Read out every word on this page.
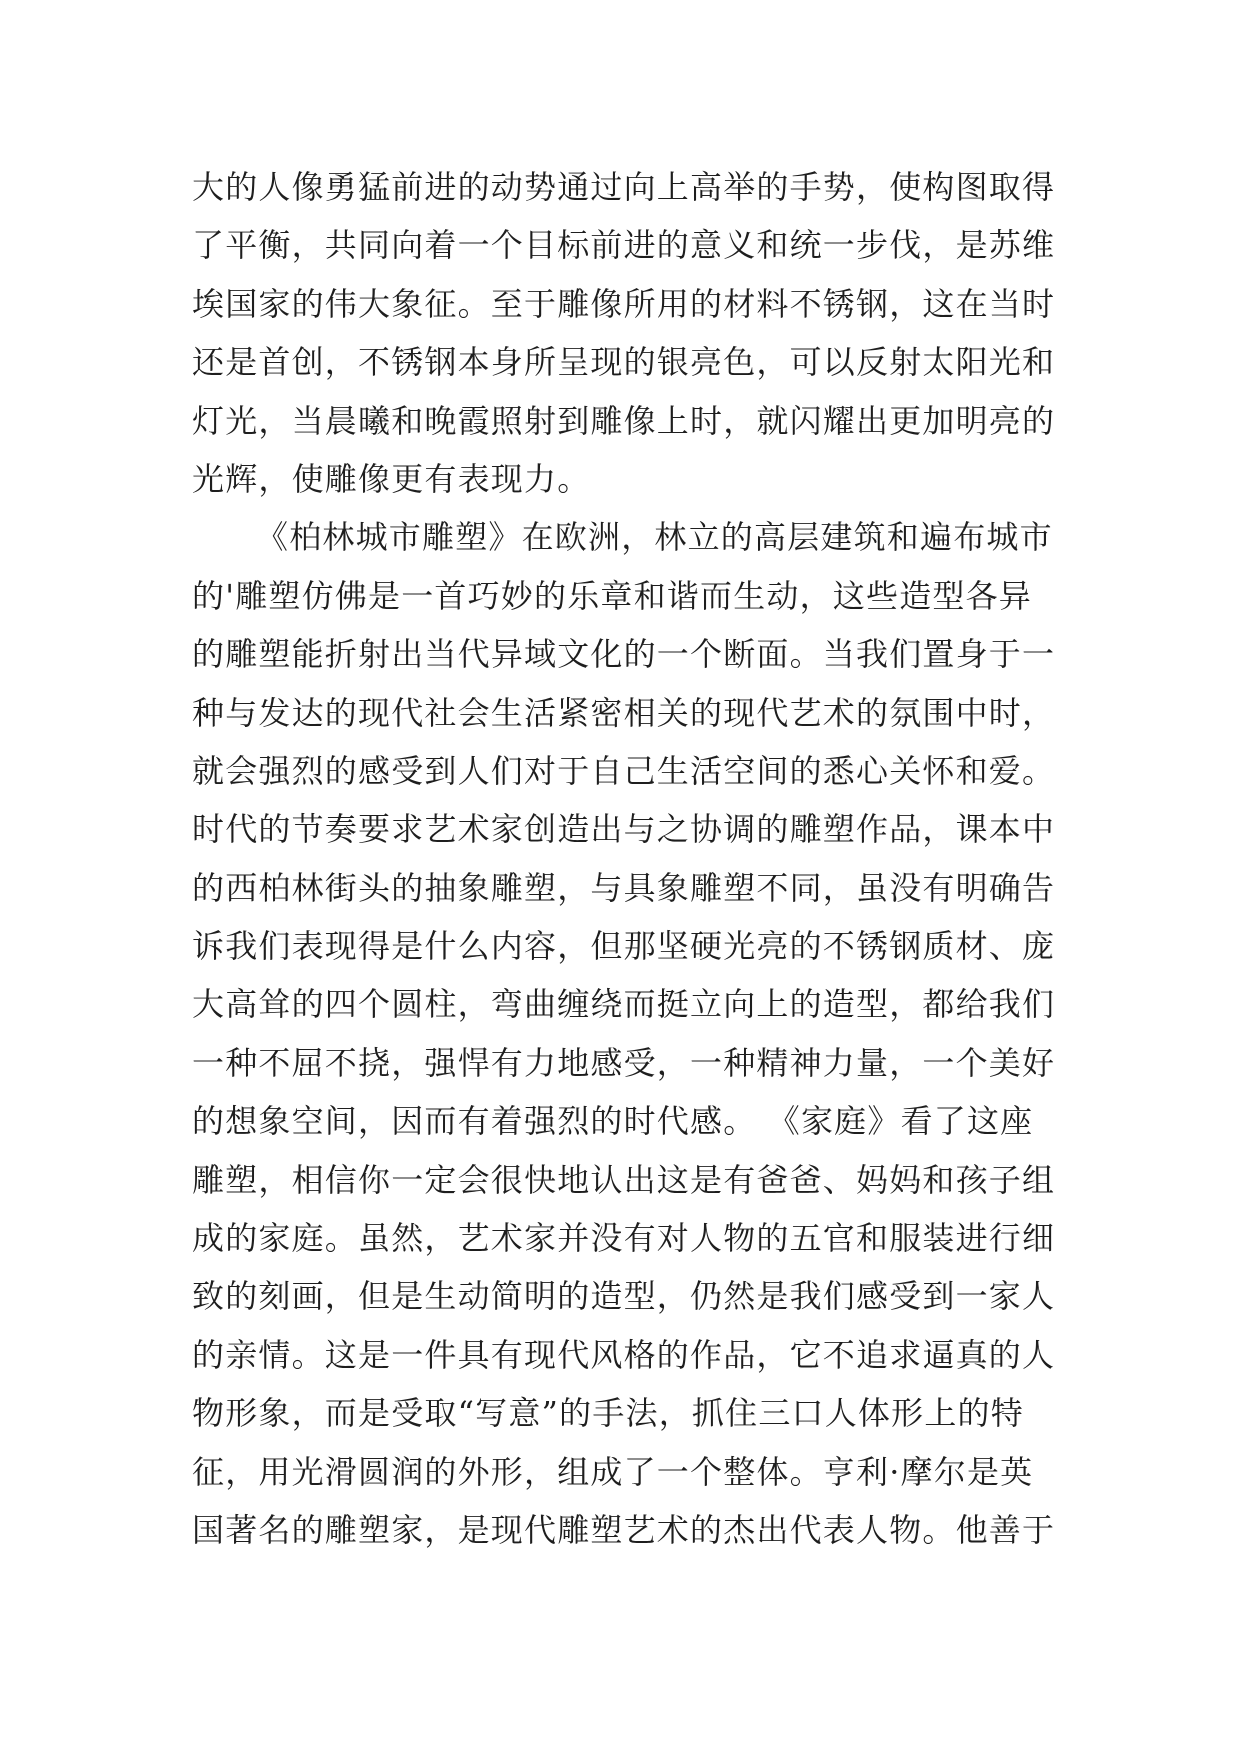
大的人像勇猛前进的动势通过向上高举的手势，使构图取得
了平衡，共同向着一个目标前进的意义和统一步伐，是苏维
埃国家的伟大象征。至于雕像所用的材料不锈钢，这在当时
还是首创，不锈钢本身所呈现的银亮色，可以反射太阳光和
灯光，当晨曦和晚霞照射到雕像上时，就闪耀出更加明亮的
光辉，使雕像更有表现力。
《柏林城市雕塑》在欧洲，林立的高层建筑和遍布城市
的'雕塑仿佛是一首巧妙的乐章和谐而生动，这些造型各异
的雕塑能折射出当代异域文化的一个断面。当我们置身于一
种与发达的现代社会生活紧密相关的现代艺术的氛围中时，
就会强烈的感受到人们对于自己生活空间的悉心关怀和爱。
时代的节奏要求艺术家创造出与之协调的雕塑作品，课本中
的西柏林街头的抽象雕塑，与具象雕塑不同，虽没有明确告
诉我们表现得是什么内容，但那坚硬光亮的不锈钢质材、庞
大高耸的四个圆柱，弯曲缠绕而挺立向上的造型，都给我们
一种不屈不挠，强悍有力地感受，一种精神力量，一个美好
的想象空间，因而有着强烈的时代感。 《家庭》看了这座
雕塑，相信你一定会很快地认出这是有爸爸、妈妈和孩子组
成的家庭。虽然，艺术家并没有对人物的五官和服装进行细
致的刻画，但是生动简明的造型，仍然是我们感受到一家人
的亲情。这是一件具有现代风格的作品，它不追求逼真的人
物形象，而是受取“写意”的手法，抓住三口人体形上的特
征，用光滑圆润的外形，组成了一个整体。亨利·摩尔是英
国著名的雕塑家，是现代雕塑艺术的杰出代表人物。他善于
